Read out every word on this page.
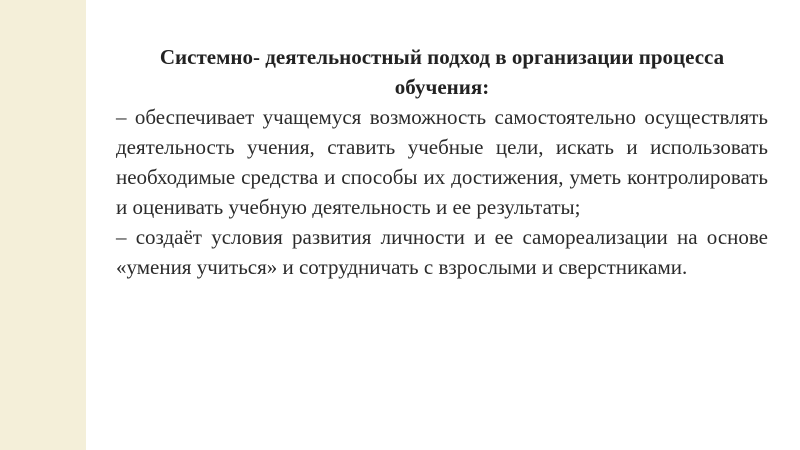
Системно- деятельностный подход в организации процесса обучения:

– обеспечивает учащемуся возможность самостоятельно осуществлять деятельность учения, ставить учебные цели, искать и использовать необходимые средства и способы их достижения, уметь контролировать и оценивать учебную деятельность и ее результаты;

– создаёт условия развития личности и ее самореализации на основе «умения учиться» и сотрудничать с взрослыми и сверстниками.
